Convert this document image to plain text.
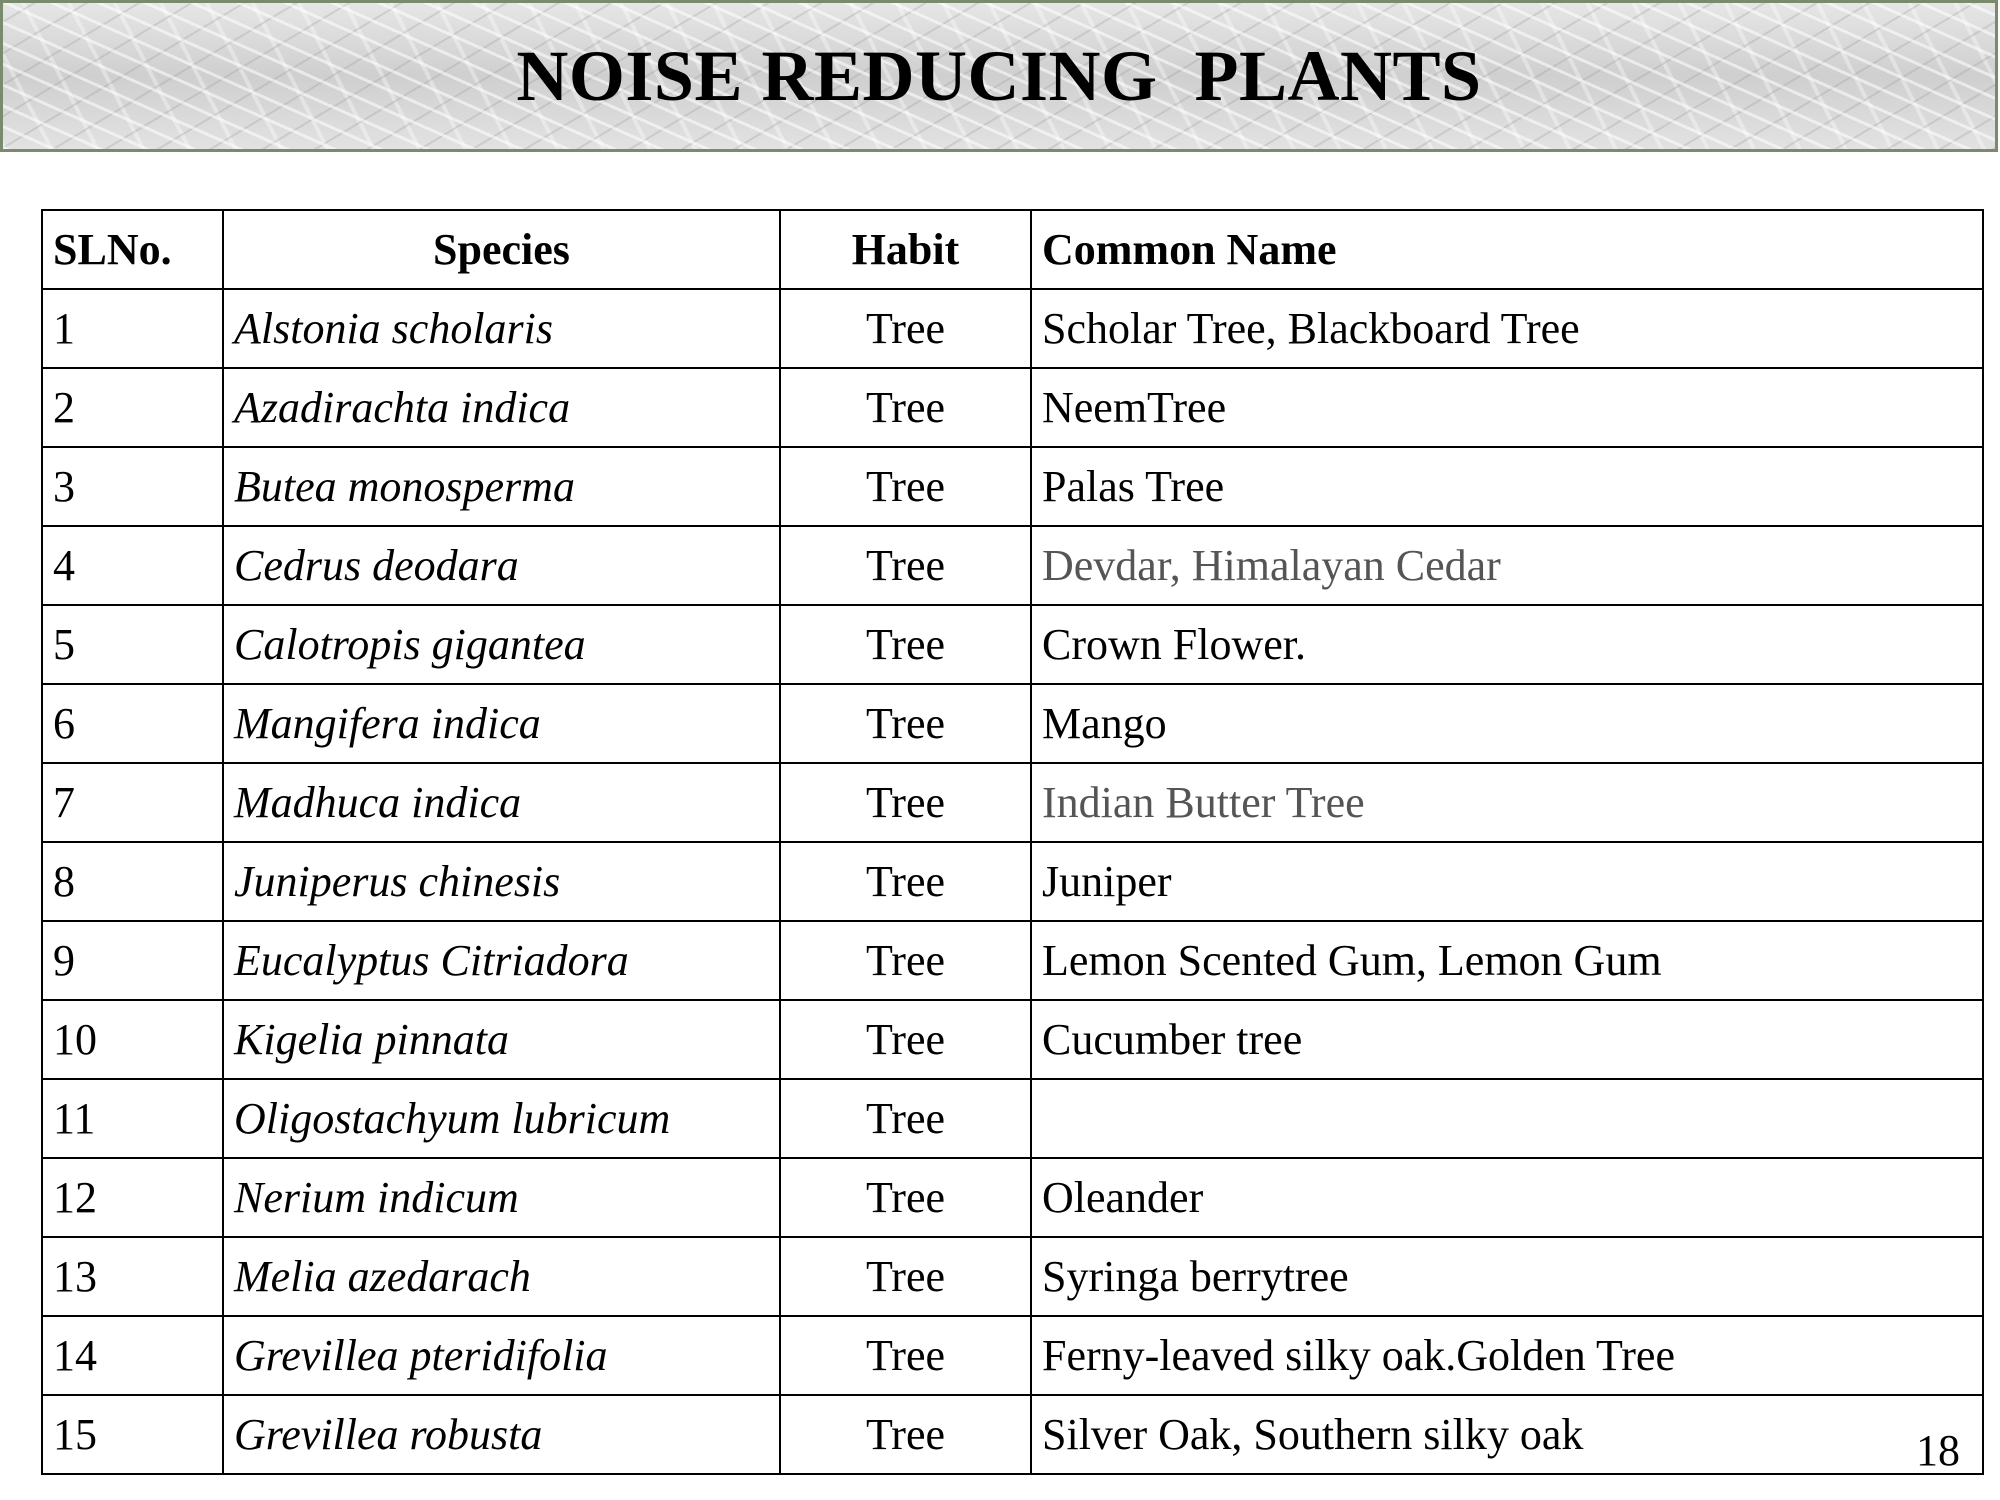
NOISE REDUCING  PLANTS
SLNo.	Species	Habit	Common Name
1	Alstonia scholaris	Tree	Scholar Tree, Blackboard Tree
2	Azadirachta indica	Tree	NeemTree
3	Butea monosperma	Tree	Palas Tree
4	Cedrus deodara	Tree	Devdar, Himalayan Cedar
5	Calotropis gigantea	Tree	Crown Flower.
6	Mangifera indica	Tree	Mango
7	Madhuca indica	Tree	Indian Butter Tree
8	Juniperus chinesis	Tree	Juniper
9	Eucalyptus Citriadora	Tree	Lemon Scented Gum, Lemon Gum
10	Kigelia pinnata	Tree	Cucumber tree
11	Oligostachyum lubricum	Tree	
12	Nerium indicum	Tree	Oleander
13	Melia azedarach	Tree	Syringa berrytree
14	Grevillea pteridifolia	Tree	Ferny-leaved silky oak.Golden Tree
15	Grevillea robusta	Tree	Silver Oak, Southern silky oak	18
